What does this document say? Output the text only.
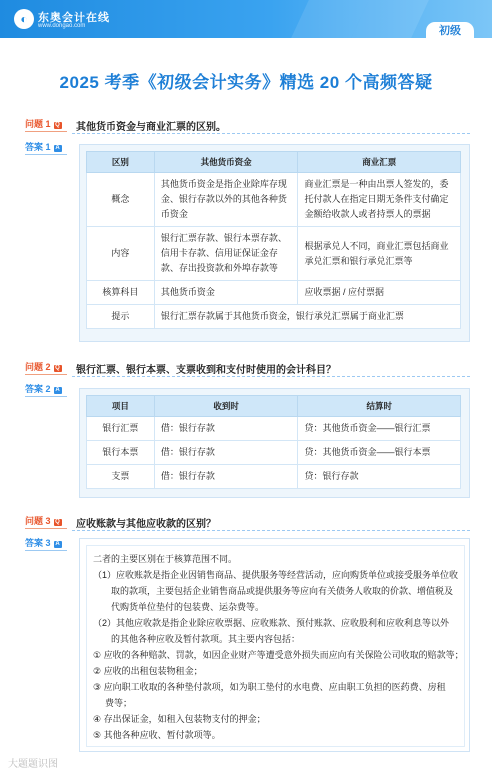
◐ 东奥会计在线
www.dongao.com	初级
2025 考季《初级会计实务》精选 20 个高频答疑
问题 1 Q	其他货币资金与商业汇票的区别。
答案 1 A
区别	其他货币资金	商业汇票
概念	其他货币资金是指企业除库存现金、银行存款以外的其他各种货币资金	商业汇票是一种由出票人签发的，委托付款人在指定日期无条件支付确定金额给收款人或者持票人的票据
内容	银行汇票存款、银行本票存款、信用卡存款、信用证保证金存款、存出投资款和外埠存款等	根据承兑人不同，商业汇票包括商业承兑汇票和银行承兑汇票等
核算科目	其他货币资金	应收票据 / 应付票据
提示	银行汇票存款属于其他货币资金，银行承兑汇票属于商业汇票	
问题 2 Q	银行汇票、银行本票、支票收到和支付时使用的会计科目？
答案 2 A
项目	收到时	结算时
银行汇票	借：银行存款	贷：其他货币资金——银行汇票
银行本票	借：银行存款	贷：其他货币资金——银行本票
支票	借：银行存款	贷：银行存款
问题 3 Q	应收账款与其他应收款的区别？
答案 3 A
二者的主要区别在于核算范围不同。
（1）应收账款是指企业因销售商品、提供服务等经营活动，应向购货单位或接受服务单位收
取的款项，主要包括企业销售商品或提供服务等应向有关债务人收取的价款、增值税及
代购货单位垫付的包装费、运杂费等。
（2）其他应收款是指企业除应收票据、应收账款、预付账款、应收股利和应收利息等以外
的其他各种应收及暂付款项。其主要内容包括：
① 应收的各种赔款、罚款，如因企业财产等遭受意外损失而应向有关保险公司收取的赔款等；
② 应收的出租包装物租金；
③ 应向职工收取的各种垫付款项，如为职工垫付的水电费、应由职工负担的医药费、房租
费等；
④ 存出保证金，如租入包装物支付的押金；
⑤ 其他各种应收、暂付款项等。
大题题识图
